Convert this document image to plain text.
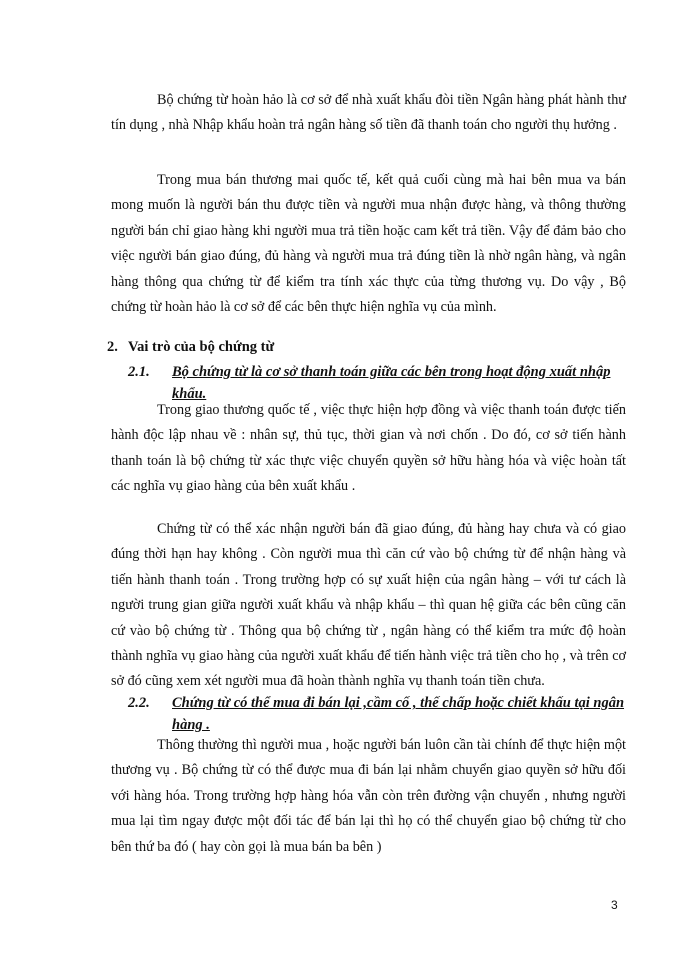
Bộ chứng từ hoàn hảo là cơ sở để nhà xuất khẩu đòi tiền Ngân hàng phát hành thư tín dụng , nhà Nhập khẩu hoàn trả ngân hàng số tiền đã thanh toán cho người thụ hưởng .

Trong mua bán thương mai quốc tế, kết quả cuối cùng mà hai bên mua va bán mong muốn là người bán thu được tiền và người mua nhận được hàng, và thông thường người bán chỉ giao hàng khi người mua trả tiền hoặc cam kết trả tiền. Vậy để đảm bảo cho việc người bán giao đúng, đủ hàng và người mua trả đúng tiền là nhờ ngân hàng, và ngân hàng thông qua chứng từ để kiểm tra tính xác thực của từng thương vụ. Do vậy , Bộ chứng từ hoàn hảo là cơ sở để các bên thực hiện nghĩa vụ của mình.

2. Vai trò của bộ chứng từ
2.1.	Bộ chứng từ là cơ sở thanh toán giữa các bên trong hoạt động xuất nhập khẩu.

Trong giao thương quốc tế , việc thực hiện hợp đồng và việc thanh toán được tiến hành độc lập nhau về : nhân sự, thủ tục, thời gian và nơi chốn . Do đó, cơ sở tiến hành thanh toán là bộ chứng từ xác thực việc chuyển quyền sở hữu hàng hóa và việc hoàn tất các nghĩa vụ giao hàng của bên xuất khẩu .

Chứng từ có thể xác nhận người bán đã giao đúng, đủ hàng hay chưa và có giao đúng thời hạn hay không . Còn người mua thì căn cứ vào bộ chứng từ để nhận hàng và tiến hành thanh toán . Trong trường hợp có sự xuất hiện của ngân hàng – với tư cách là người trung gian giữa người xuất khẩu và nhập khẩu – thì quan hệ giữa các bên cũng căn cứ vào bộ chứng từ . Thông qua bộ chứng từ , ngân hàng có thể kiểm tra mức độ hoàn thành nghĩa vụ giao hàng của người xuất khẩu để tiến hành việc trả tiền cho họ , và trên cơ sở đó cũng xem xét người mua đã hoàn thành nghĩa vụ thanh toán tiền chưa.

2.2.	Chứng từ có thể mua đi bán lại ,cầm cố , thế chấp hoặc chiết khấu tại ngân hàng .

Thông thường thì người mua , hoặc người bán luôn cần tài chính để thực hiện một thương vụ . Bộ chứng từ có thể được mua đi bán lại nhằm chuyển giao quyền sở hữu đối với hàng hóa. Trong trường hợp hàng hóa vẫn còn trên đường vận chuyển , nhưng người mua lại tìm ngay được một đối tác để bán lại thì họ có thể chuyển giao bộ chứng từ cho bên thứ ba đó ( hay còn gọi là mua bán ba bên )

3
